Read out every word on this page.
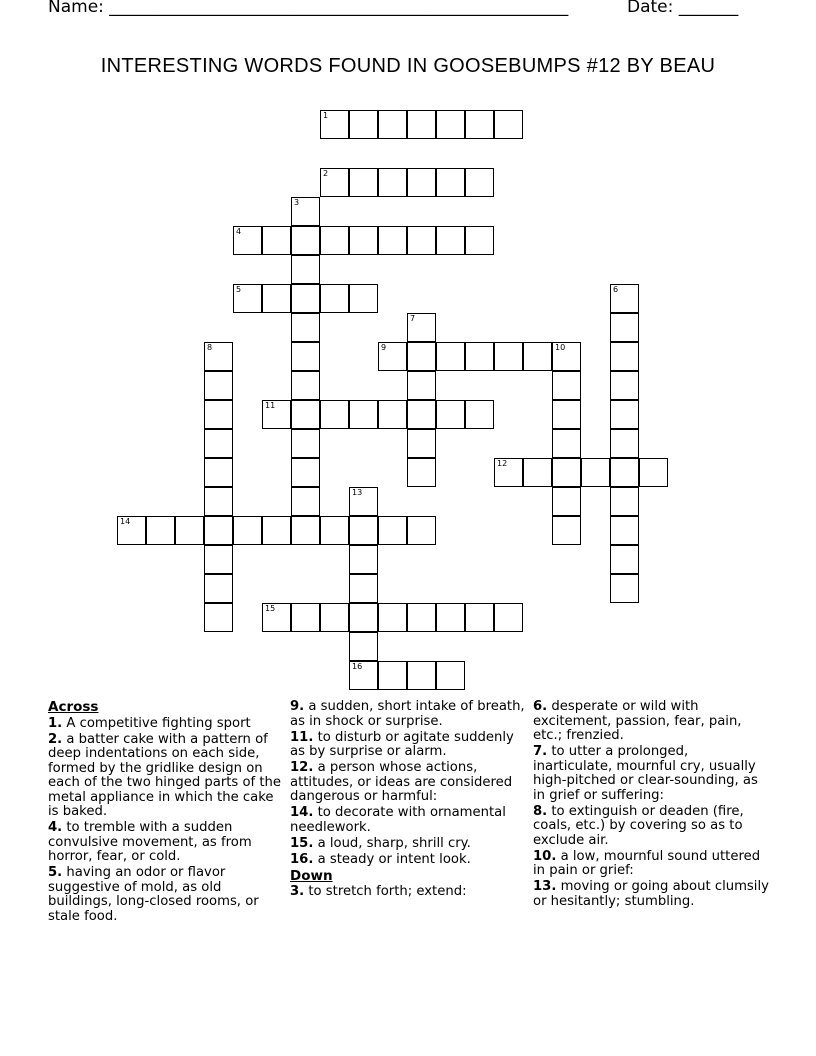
Name: ______________________________________________________	Date: _______
INTERESTING WORDS FOUND IN GOOSEBUMPS #12 BY BEAU
1
2
3
4
5	6
7
8	9	10
11
12
13
16
14
15
Across
1. A competitive fighting sport
2. a batter cake with a pattern of deep indentations on each side, formed by the gridlike design on each of the two hinged parts of the metal appliance in which the cake is baked.
4. to tremble with a sudden convulsive movement, as from horror, fear, or cold.
5. having an odor or flavor suggestive of mold, as old buildings, long-closed rooms, or stale food.
9. a sudden, short intake of breath, as in shock or surprise.
11. to disturb or agitate suddenly as by surprise or alarm.
12. a person whose actions, attitudes, or ideas are considered dangerous or harmful:
14. to decorate with ornamental needlework.
15. a loud, sharp, shrill cry.
16. a steady or intent look.
Down
3. to stretch forth; extend:
6. desperate or wild with excitement, passion, fear, pain, etc.; frenzied.
7. to utter a prolonged, inarticulate, mournful cry, usually high-pitched or clear-sounding, as in grief or suffering:
8. to extinguish or deaden (fire, coals, etc.) by covering so as to exclude air.
10. a low, mournful sound uttered in pain or grief:
13. moving or going about clumsily or hesitantly; stumbling.
